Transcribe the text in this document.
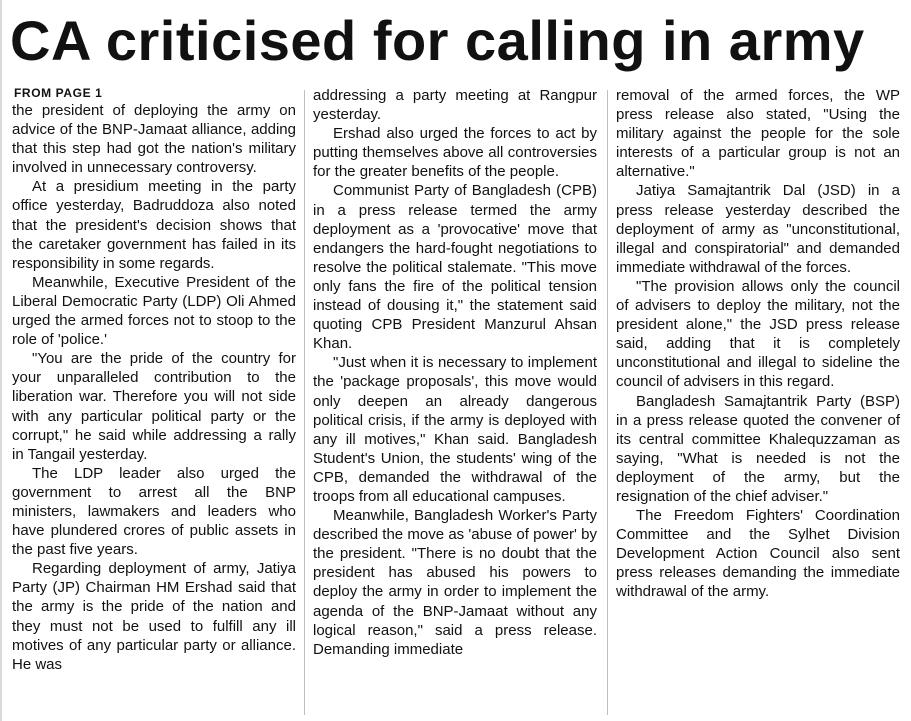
CA criticised for calling in army
FROM PAGE 1

the president of deploying the army on advice of the BNP-Jamaat alliance, adding that this step had got the nation's military involved in unnecessary controversy.

At a presidium meeting in the party office yesterday, Badruddoza also noted that the president's decision shows that the caretaker government has failed in its responsibility in some regards.

Meanwhile, Executive President of the Liberal Democratic Party (LDP) Oli Ahmed urged the armed forces not to stoop to the role of 'police.'

"You are the pride of the country for your unparalleled contribution to the liberation war. Therefore you will not side with any particular political party or the corrupt," he said while addressing a rally in Tangail yesterday.

The LDP leader also urged the government to arrest all the BNP ministers, lawmakers and leaders who have plundered crores of public assets in the past five years.

Regarding deployment of army, Jatiya Party (JP) Chairman HM Ershad said that the army is the pride of the nation and they must not be used to fulfill any ill motives of any particular party or alliance. He was

addressing a party meeting at Rangpur yesterday.

Ershad also urged the forces to act by putting themselves above all controversies for the greater benefits of the people.

Communist Party of Bangladesh (CPB) in a press release termed the army deployment as a 'provocative' move that endangers the hard-fought negotiations to resolve the political stalemate. "This move only fans the fire of the political tension instead of dousing it," the statement said quoting CPB President Manzurul Ahsan Khan.

"Just when it is necessary to implement the 'package proposals', this move would only deepen an already dangerous political crisis, if the army is deployed with any ill motives," Khan said. Bangladesh Student's Union, the students' wing of the CPB, demanded the withdrawal of the troops from all educational campuses.

Meanwhile, Bangladesh Worker's Party described the move as 'abuse of power' by the president. "There is no doubt that the president has abused his powers to deploy the army in order to implement the agenda of the BNP-Jamaat without any logical reason," said a press release. Demanding immediate

removal of the armed forces, the WP press release also stated, "Using the military against the people for the sole interests of a particular group is not an alternative."

Jatiya Samajtantrik Dal (JSD) in a press release yesterday described the deployment of army as "unconstitutional, illegal and conspiratorial" and demanded immediate withdrawal of the forces.

"The provision allows only the council of advisers to deploy the military, not the president alone," the JSD press release said, adding that it is completely unconstitutional and illegal to sideline the council of advisers in this regard.

Bangladesh Samajtantrik Party (BSP) in a press release quoted the convener of its central committee Khalequzzaman as saying, "What is needed is not the deployment of the army, but the resignation of the chief adviser."

The Freedom Fighters' Coordination Committee and the Sylhet Division Development Action Council also sent press releases demanding the immediate withdrawal of the army.
